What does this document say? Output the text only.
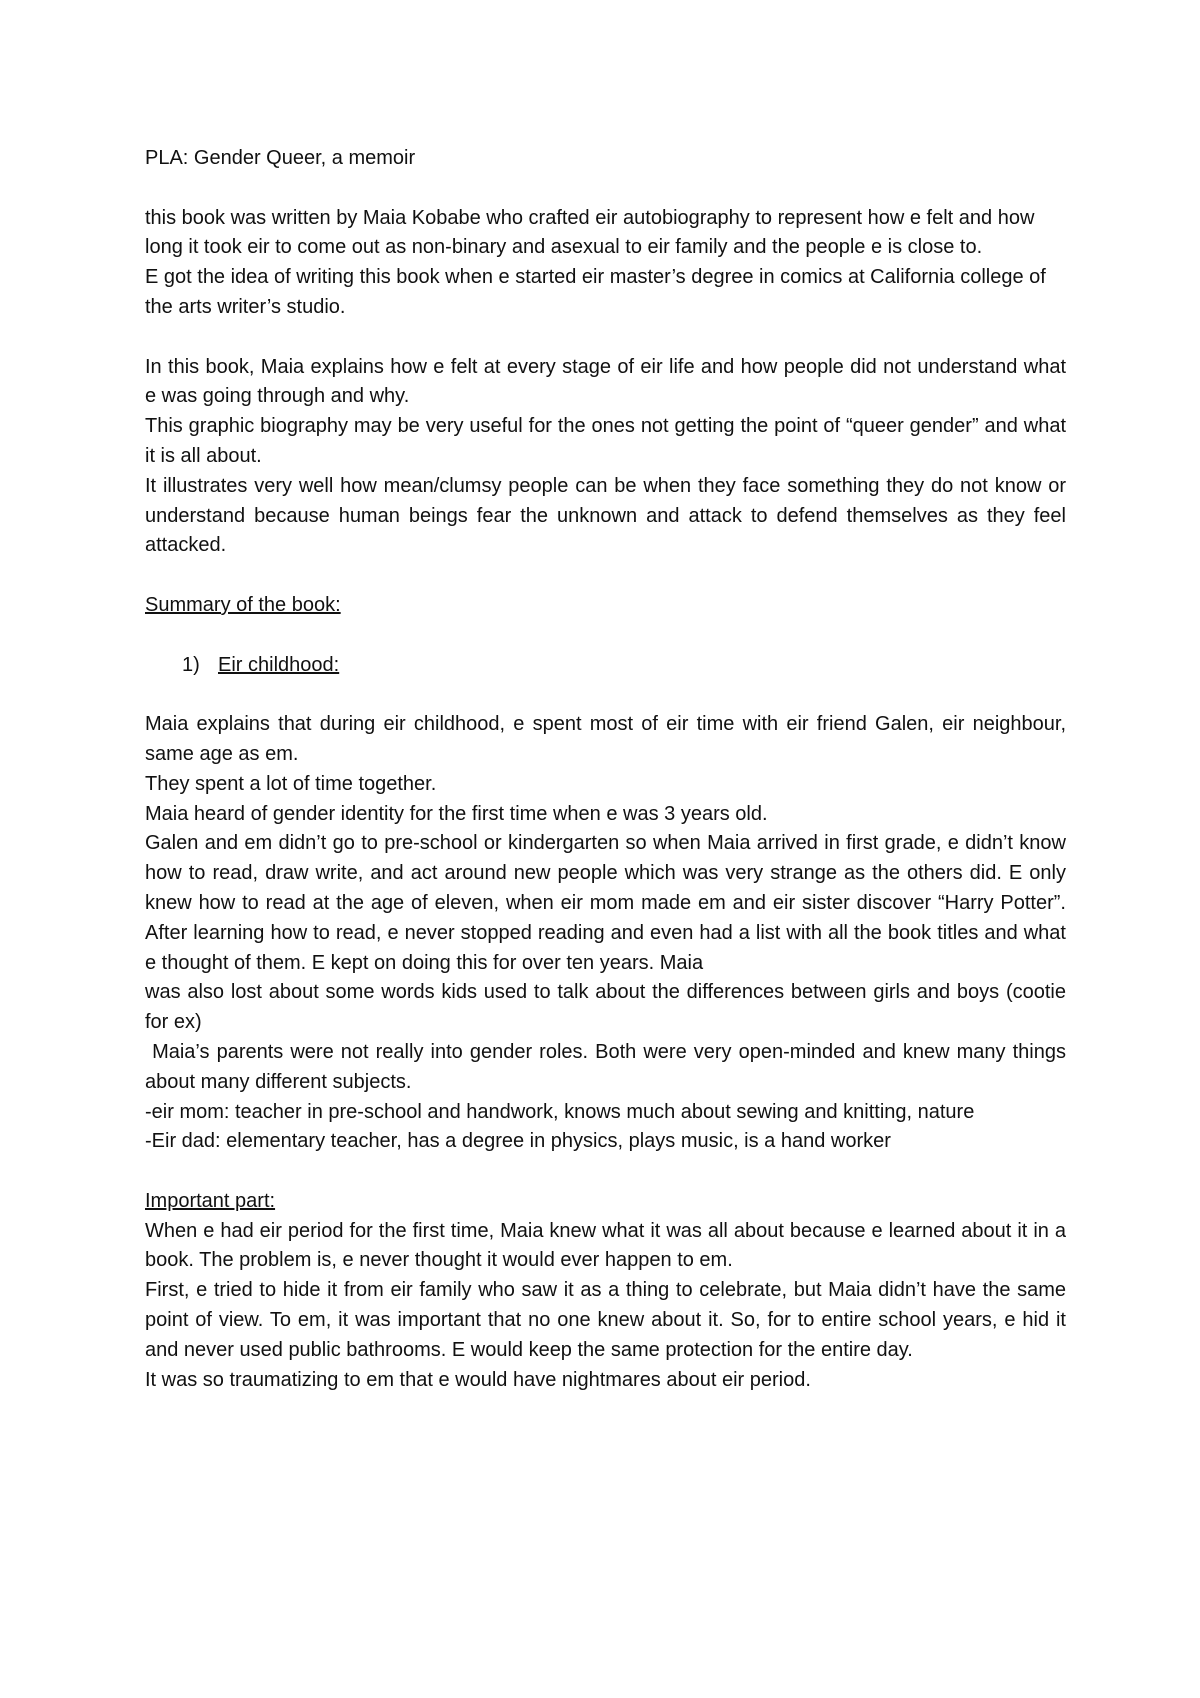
PLA: Gender Queer, a memoir

this book was written by Maia Kobabe who crafted eir autobiography to represent how e felt and how long it took eir to come out as non-binary and asexual to eir family and the people e is close to.

E got the idea of writing this book when e started eir master’s degree in comics at California college of the arts writer’s studio.

In this book, Maia explains how e felt at every stage of eir life and how people did not understand what e was going through and why.

This graphic biography may be very useful for the ones not getting the point of “queer gender” and what it is all about.

It illustrates very well how mean/clumsy people can be when they face something they do not know or understand because human beings fear the unknown and attack to defend themselves as they feel attacked.

Summary of the book:

1) Eir childhood:

Maia explains that during eir childhood, e spent most of eir time with eir friend Galen, eir neighbour, same age as em.

They spent a lot of time together.

Maia heard of gender identity for the first time when e was 3 years old.

Galen and em didn’t go to pre-school or kindergarten so when Maia arrived in first grade, e didn’t know how to read, draw write, and act around new people which was very strange as the others did. E only knew how to read at the age of eleven, when eir mom made em and eir sister discover “Harry Potter”. After learning how to read, e never stopped reading and even had a list with all the book titles and what e thought of them. E kept on doing this for over ten years. Maia

was also lost about some words kids used to talk about the differences between girls and boys (cootie for ex)

Maia’s parents were not really into gender roles. Both were very open-minded and knew many things about many different subjects.

-eir mom: teacher in pre-school and handwork, knows much about sewing and knitting, nature

-Eir dad: elementary teacher, has a degree in physics, plays music, is a hand worker

Important part:

When e had eir period for the first time, Maia knew what it was all about because e learned about it in a book. The problem is, e never thought it would ever happen to em.

First, e tried to hide it from eir family who saw it as a thing to celebrate, but Maia didn’t have the same point of view. To em, it was important that no one knew about it. So, for to entire school years, e hid it and never used public bathrooms. E would keep the same protection for the entire day.

It was so traumatizing to em that e would have nightmares about eir period.
